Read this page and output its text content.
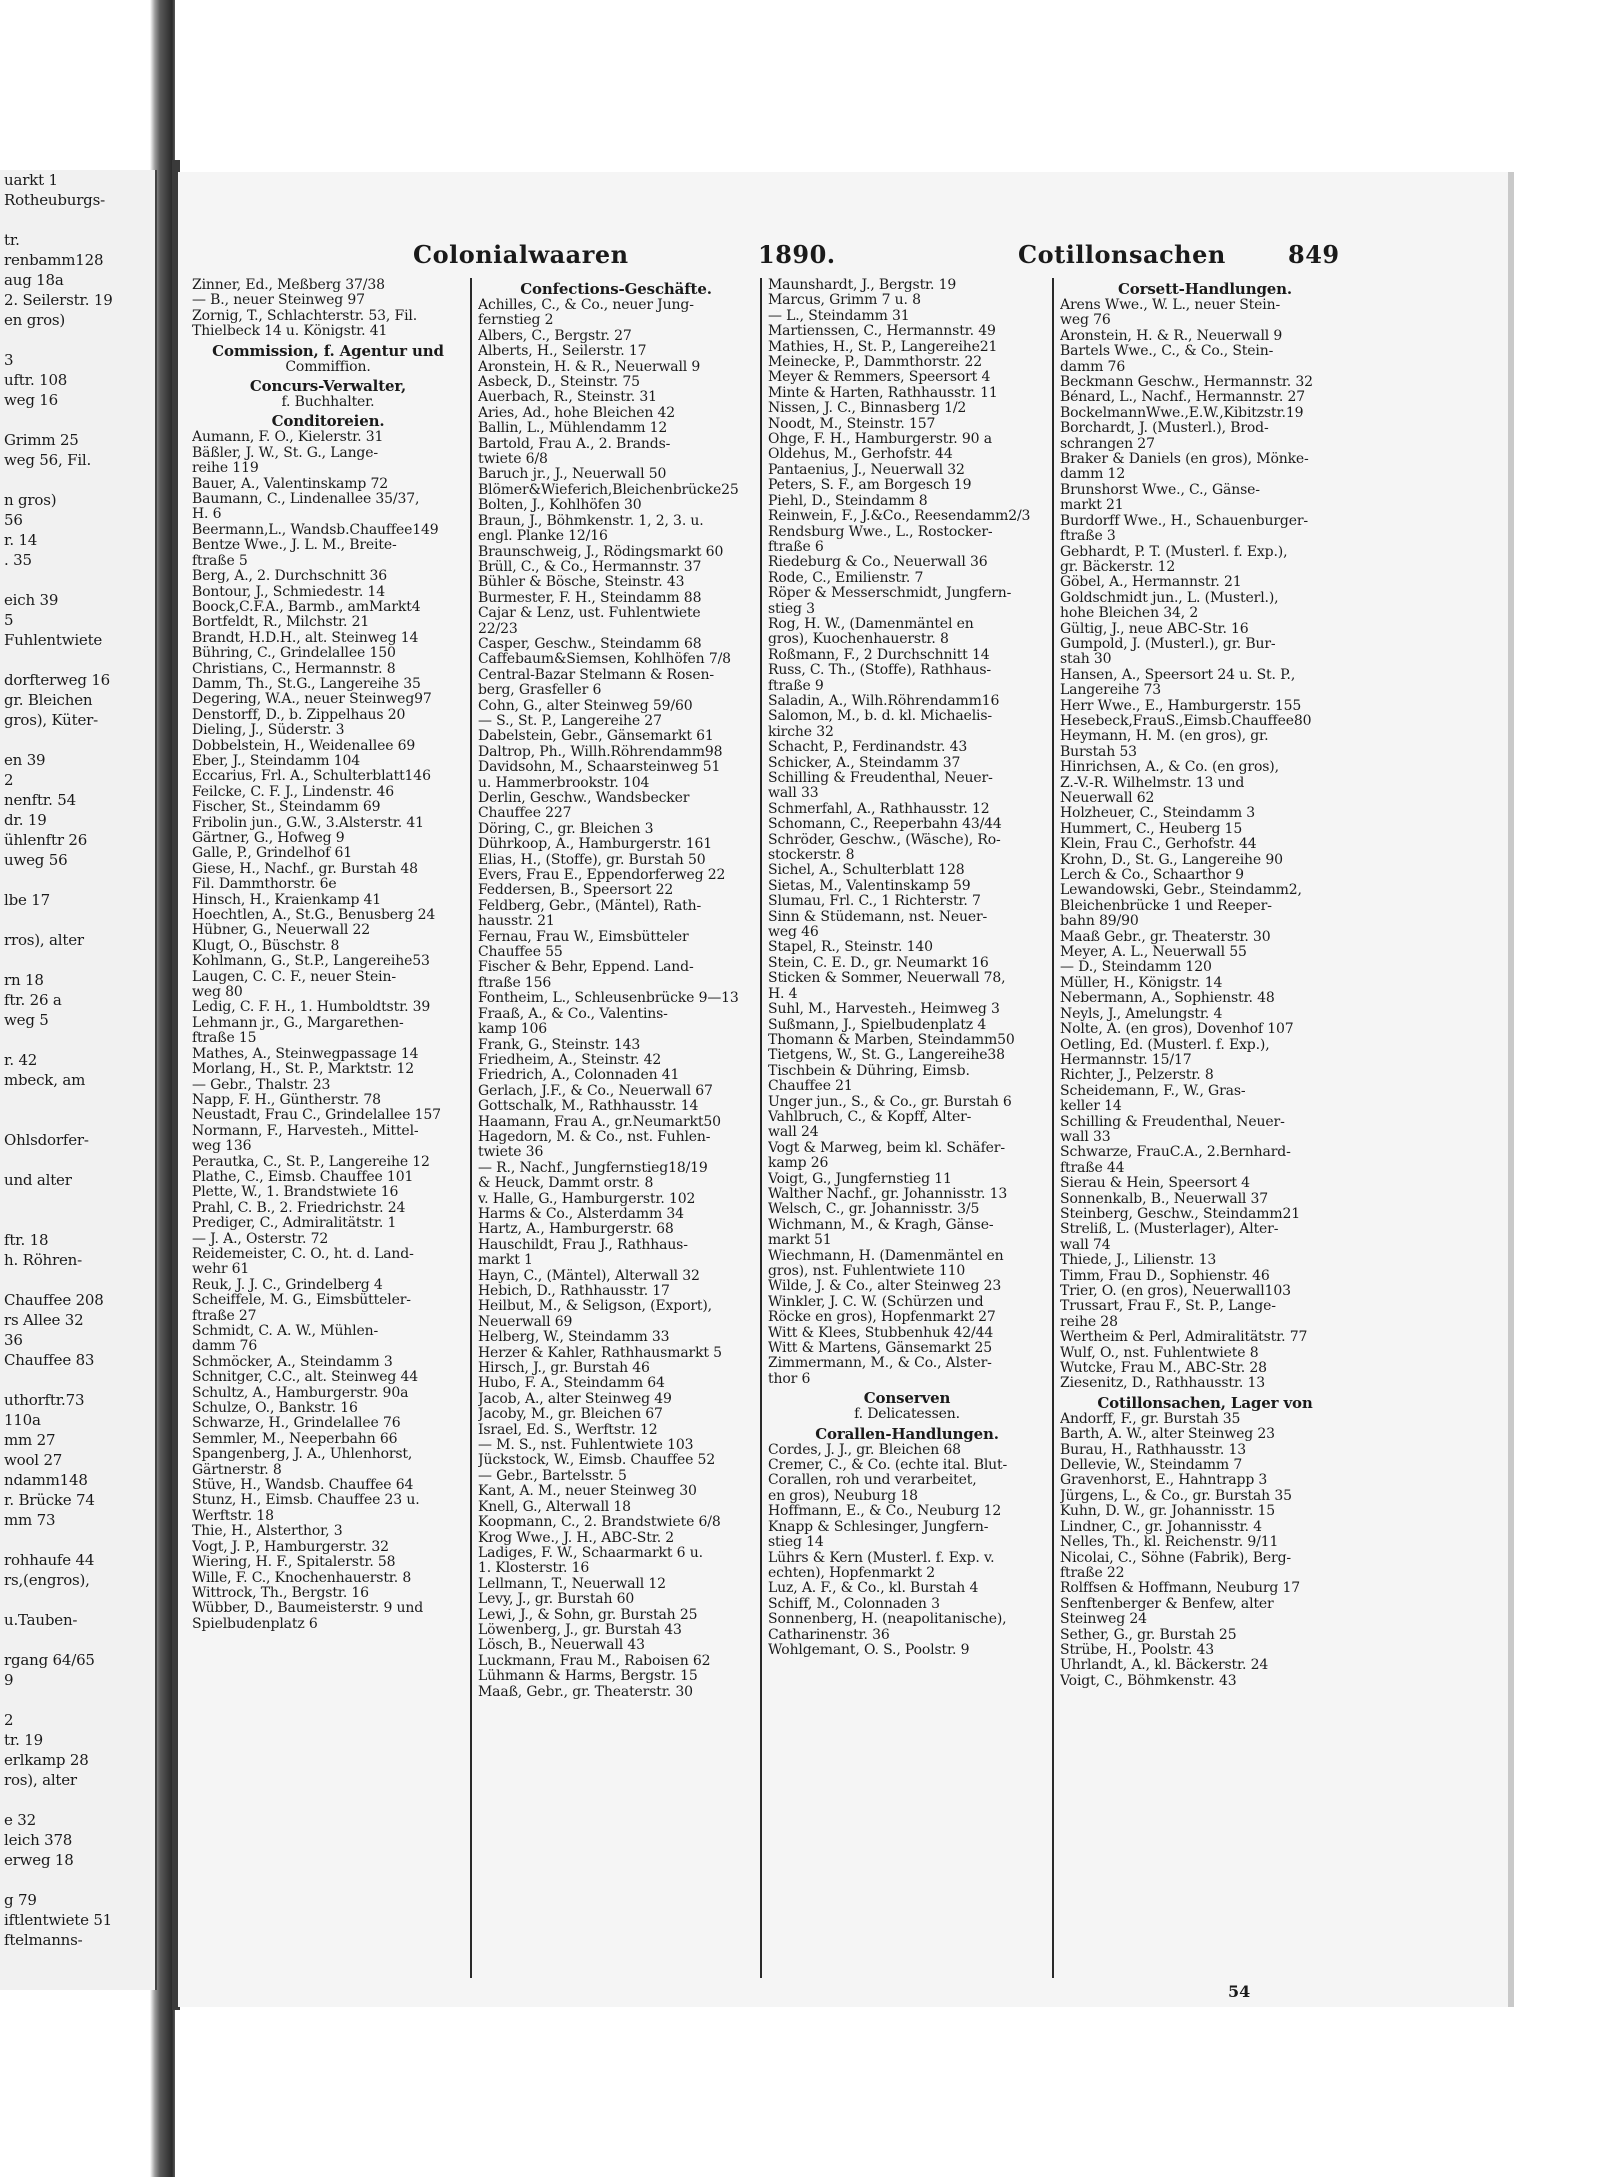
uarkt 1
Rotheuburgs-

tr.
renbamm128
aug 18a
2. Seilerstr. 19
en gros)

3
uftr. 108
weg 16

Grimm 25
weg 56, Fil.

n gros)
56
r. 14
. 35

eich 39
5
Fuhlentwiete

dorfterweg 16
gr. Bleichen
gros), Küter-

en 39
2
nenftr. 54
dr. 19
ühlenftr 26
uweg 56

lbe 17

rros), alter

rn 18
ftr. 26 a
weg 5

r. 42
mbeck, am

Ohlsdorfer-

und alter

ftr. 18
h. Röhren-

Chauffee 208
rs Allee 32
36
Chauffee 83

uthorftr.73
110a
mm 27
wool 27
ndamm148
r. Brücke 74
mm 73

rohhaufe 44
rs,(engros),

u.Tauben-

rgang 64/65
9

2
tr. 19
erlkamp 28
ros), alter

e 32
leich 378
erweg 18

g 79
iftlentwiete 51
ftelmanns-
Colonialwaaren	1890.	Cotillonsachen	849
Zinner, Ed., Meßberg 37/38
— B., neuer Steinweg 97
Zornig, T., Schlachterstr. 53, Fil.
Thielbeck 14 u. Königstr. 41
Commission, f. Agentur und
Commiffion.
Concurs-Verwalter,
f. Buchhalter.
Conditoreien.
Aumann, F. O., Kielerstr. 31
Bäßler, J. W., St. G., Lange-
reihe 119
Bauer, A., Valentinskamp 72
Baumann, C., Lindenallee 35/37,
H. 6
Beermann,L., Wandsb.Chauffee149
Bentze Wwe., J. L. M., Breite-
ftraße 5
Berg, A., 2. Durchschnitt 36
Bontour, J., Schmiedestr. 14
Boock,C.F.A., Barmb., amMarkt4
Bortfeldt, R., Milchstr. 21
Brandt, H.D.H., alt. Steinweg 14
Bühring, C., Grindelallee 150
Christians, C., Hermannstr. 8
Damm, Th., St.G., Langereihe 35
Degering, W.A., neuer Steinweg97
Denstorff, D., b. Zippelhaus 20
Dieling, J., Süderstr. 3
Dobbelstein, H., Weidenallee 69
Eber, J., Steindamm 104
Eccarius, Frl. A., Schulterblatt146
Feilcke, C. F. J., Lindenstr. 46
Fischer, St., Steindamm 69
Fribolin jun., G.W., 3.Alsterstr. 41
Gärtner, G., Hofweg 9
Galle, P., Grindelhof 61
Giese, H., Nachf., gr. Burstah 48
Fil. Dammthorstr. 6e
Hinsch, H., Kraienkamp 41
Hoechtlen, A., St.G., Benusberg 24
Hübner, G., Neuerwall 22
Klugt, O., Büschstr. 8
Kohlmann, G., St.P., Langereihe53
Laugen, C. C. F., neuer Stein-
weg 80
Ledig, C. F. H., 1. Humboldtstr. 39
Lehmann jr., G., Margarethen-
ftraße 15
Mathes, A., Steinwegpassage 14
Morlang, H., St. P., Marktstr. 12
— Gebr., Thalstr. 23
Napp, F. H., Güntherstr. 78
Neustadt, Frau C., Grindelallee 157
Normann, F., Harvesteh., Mittel-
weg 136
Perautka, C., St. P., Langereihe 12
Plathe, C., Eimsb. Chauffee 101
Plette, W., 1. Brandstwiete 16
Prahl, C. B., 2. Friedrichstr. 24
Prediger, C., Admiralitätstr. 1
— J. A., Osterstr. 72
Reidemeister, C. O., ht. d. Land-
wehr 61
Reuk, J. J. C., Grindelberg 4
Scheiffele, M. G., Eimsbütteler-
ftraße 27
Schmidt, C. A. W., Mühlen-
damm 76
Schmöcker, A., Steindamm 3
Schnitger, C.C., alt. Steinweg 44
Schultz, A., Hamburgerstr. 90a
Schulze, O., Bankstr. 16
Schwarze, H., Grindelallee 76
Semmler, M., Neeperbahn 66
Spangenberg, J. A., Uhlenhorst,
Gärtnerstr. 8
Stüve, H., Wandsb. Chauffee 64
Stunz, H., Eimsb. Chauffee 23 u.
Werftstr. 18
Thie, H., Alsterthor, 3
Vogt, J. P., Hamburgerstr. 32
Wiering, H. F., Spitalerstr. 58
Wille, F. C., Knochenhauerstr. 8
Wittrock, Th., Bergstr. 16
Wübber, D., Baumeisterstr. 9 und
Spielbudenplatz 6
Confections-Geschäfte.
Achilles, C., & Co., neuer Jung-
fernstieg 2
Albers, C., Bergstr. 27
Alberts, H., Seilerstr. 17
Aronstein, H. & R., Neuerwall 9
Asbeck, D., Steinstr. 75
Auerbach, R., Steinstr. 31
Aries, Ad., hohe Bleichen 42
Ballin, L., Mühlendamm 12
Bartold, Frau A., 2. Brands-
twiete 6/8
Baruch jr., J., Neuerwall 50
Blömer&Wieferich,Bleichenbrücke25
Bolten, J., Kohlhöfen 30
Braun, J., Böhmkenstr. 1, 2, 3. u.
engl. Planke 12/16
Braunschweig, J., Rödingsmarkt 60
Brüll, C., & Co., Hermannstr. 37
Bühler & Bösche, Steinstr. 43
Burmester, F. H., Steindamm 88
Cajar & Lenz, ust. Fuhlentwiete
22/23
Casper, Geschw., Steindamm 68
Caffebaum&Siemsen, Kohlhöfen 7/8
Central-Bazar Stelmann & Rosen-
berg, Grasfeller 6
Cohn, G., alter Steinweg 59/60
— S., St. P., Langereihe 27
Dabelstein, Gebr., Gänsemarkt 61
Daltrop, Ph., Willh.Röhrendamm98
Davidsohn, M., Schaarsteinweg 51
u. Hammerbrookstr. 104
Derlin, Geschw., Wandsbecker
Chauffee 227
Döring, C., gr. Bleichen 3
Dührkoop, A., Hamburgerstr. 161
Elias, H., (Stoffe), gr. Burstah 50
Evers, Frau E., Eppendorferweg 22
Feddersen, B., Speersort 22
Feldberg, Gebr., (Mäntel), Rath-
hausstr. 21
Fernau, Frau W., Eimsbütteler
Chauffee 55
Fischer & Behr, Eppend. Land-
ftraße 156
Fontheim, L., Schleusenbrücke 9—13
Fraaß, A., & Co., Valentins-
kamp 106
Frank, G., Steinstr. 143
Friedheim, A., Steinstr. 42
Friedrich, A., Colonnaden 41
Gerlach, J.F., & Co., Neuerwall 67
Gottschalk, M., Rathhausstr. 14
Haamann, Frau A., gr.Neumarkt50
Hagedorn, M. & Co., nst. Fuhlen-
twiete 36
— R., Nachf., Jungfernstieg18/19
& Heuck, Dammt orstr. 8
v. Halle, G., Hamburgerstr. 102
Harms & Co., Alsterdamm 34
Hartz, A., Hamburgerstr. 68
Hauschildt, Frau J., Rathhaus-
markt 1
Hayn, C., (Mäntel), Alterwall 32
Hebich, D., Rathhausstr. 17
Heilbut, M., & Seligson, (Export),
Neuerwall 69
Helberg, W., Steindamm 33
Herzer & Kahler, Rathhausmarkt 5
Hirsch, J., gr. Burstah 46
Hubo, F. A., Steindamm 64
Jacob, A., alter Steinweg 49
Jacoby, M., gr. Bleichen 67
Israel, Ed. S., Werftstr. 12
— M. S., nst. Fuhlentwiete 103
Jückstock, W., Eimsb. Chauffee 52
— Gebr., Bartelsstr. 5
Kant, A. M., neuer Steinweg 30
Knell, G., Alterwall 18
Koopmann, C., 2. Brandstwiete 6/8
Krog Wwe., J. H., ABC-Str. 2
Ladiges, F. W., Schaarmarkt 6 u.
1. Klosterstr. 16
Lellmann, T., Neuerwall 12
Levy, J., gr. Burstah 60
Lewi, J., & Sohn, gr. Burstah 25
Löwenberg, J., gr. Burstah 43
Lösch, B., Neuerwall 43
Luckmann, Frau M., Raboisen 62
Lühmann & Harms, Bergstr. 15
Maaß, Gebr., gr. Theaterstr. 30
Maunshardt, J., Bergstr. 19
Marcus, Grimm 7 u. 8
— L., Steindamm 31
Martienssen, C., Hermannstr. 49
Mathies, H., St. P., Langereihe21
Meinecke, P., Dammthorstr. 22
Meyer & Remmers, Speersort 4
Minte & Harten, Rathhausstr. 11
Nissen, J. C., Binnasberg 1/2
Noodt, M., Steinstr. 157
Ohge, F. H., Hamburgerstr. 90 a
Oldehus, M., Gerhofstr. 44
Pantaenius, J., Neuerwall 32
Peters, S. F., am Borgesch 19
Piehl, D., Steindamm 8
Reinwein, F., J.&Co., Reesendamm2/3
Rendsburg Wwe., L., Rostocker-
ftraße 6
Riedeburg & Co., Neuerwall 36
Rode, C., Emilienstr. 7
Röper & Messerschmidt, Jungfern-
stieg 3
Rog, H. W., (Damenmäntel en
gros), Kuochenhauerstr. 8
Roßmann, F., 2 Durchschnitt 14
Russ, C. Th., (Stoffe), Rathhaus-
ftraße 9
Saladin, A., Wilh.Röhrendamm16
Salomon, M., b. d. kl. Michaelis-
kirche 32
Schacht, P., Ferdinandstr. 43
Schicker, A., Steindamm 37
Schilling & Freudenthal, Neuer-
wall 33
Schmerfahl, A., Rathhausstr. 12
Schomann, C., Reeperbahn 43/44
Schröder, Geschw., (Wäsche), Ro-
stockerstr. 8
Sichel, A., Schulterblatt 128
Sietas, M., Valentinskamp 59
Slumau, Frl. C., 1 Richterstr. 7
Sinn & Stüdemann, nst. Neuer-
weg 46
Stapel, R., Steinstr. 140
Stein, C. E. D., gr. Neumarkt 16
Sticken & Sommer, Neuerwall 78,
H. 4
Suhl, M., Harvesteh., Heimweg 3
Sußmann, J., Spielbudenplatz 4
Thomann & Marben, Steindamm50
Tietgens, W., St. G., Langereihe38
Tischbein & Dühring, Eimsb.
Chauffee 21
Unger jun., S., & Co., gr. Burstah 6
Vahlbruch, C., & Kopff, Alter-
wall 24
Vogt & Marweg, beim kl. Schäfer-
kamp 26
Voigt, G., Jungfernstieg 11
Walther Nachf., gr. Johannisstr. 13
Welsch, C., gr. Johannisstr. 3/5
Wichmann, M., & Kragh, Gänse-
markt 51
Wiechmann, H. (Damenmäntel en
gros), nst. Fuhlentwiete 110
Wilde, J. & Co., alter Steinweg 23
Winkler, J. C. W. (Schürzen und
Röcke en gros), Hopfenmarkt 27
Witt & Klees, Stubbenhuk 42/44
Witt & Martens, Gänsemarkt 25
Zimmermann, M., & Co., Alster-
thor 6
Conserven
f. Delicatessen.
Corallen-Handlungen.
Cordes, J. J., gr. Bleichen 68
Cremer, C., & Co. (echte ital. Blut-
Corallen, roh und verarbeitet,
en gros), Neuburg 18
Hoffmann, E., & Co., Neuburg 12
Knapp & Schlesinger, Jungfern-
stieg 14
Lührs & Kern (Musterl. f. Exp. v.
echten), Hopfenmarkt 2
Luz, A. F., & Co., kl. Burstah 4
Schiff, M., Colonnaden 3
Sonnenberg, H. (neapolitanische),
Catharinenstr. 36
Wohlgemant, O. S., Poolstr. 9
Corsett-Handlungen.
Arens Wwe., W. L., neuer Stein-
weg 76
Aronstein, H. & R., Neuerwall 9
Bartels Wwe., C., & Co., Stein-
damm 76
Beckmann Geschw., Hermannstr. 32
Bénard, L., Nachf., Hermannstr. 27
BockelmannWwe.,E.W.,Kibitzstr.19
Borchardt, J. (Musterl.), Brod-
schrangen 27
Braker & Daniels (en gros), Mönke-
damm 12
Brunshorst Wwe., C., Gänse-
markt 21
Burdorff Wwe., H., Schauenburger-
ftraße 3
Gebhardt, P. T. (Musterl. f. Exp.),
gr. Bäckerstr. 12
Göbel, A., Hermannstr. 21
Goldschmidt jun., L. (Musterl.),
hohe Bleichen 34, 2
Gültig, J., neue ABC-Str. 16
Gumpold, J. (Musterl.), gr. Bur-
stah 30
Hansen, A., Speersort 24 u. St. P.,
Langereihe 73
Herr Wwe., E., Hamburgerstr. 155
Hesebeck,FrauS.,Eimsb.Chauffee80
Heymann, H. M. (en gros), gr.
Burstah 53
Hinrichsen, A., & Co. (en gros),
Z.-V.-R. Wilhelmstr. 13 und
Neuerwall 62
Holzheuer, C., Steindamm 3
Hummert, C., Heuberg 15
Klein, Frau C., Gerhofstr. 44
Krohn, D., St. G., Langereihe 90
Lerch & Co., Schaarthor 9
Lewandowski, Gebr., Steindamm2,
Bleichenbrücke 1 und Reeper-
bahn 89/90
Maaß Gebr., gr. Theaterstr. 30
Meyer, A. L., Neuerwall 55
— D., Steindamm 120
Müller, H., Königstr. 14
Nebermann, A., Sophienstr. 48
Neyls, J., Amelungstr. 4
Nolte, A. (en gros), Dovenhof 107
Oetling, Ed. (Musterl. f. Exp.),
Hermannstr. 15/17
Richter, J., Pelzerstr. 8
Scheidemann, F., W., Gras-
keller 14
Schilling & Freudenthal, Neuer-
wall 33
Schwarze, FrauC.A., 2.Bernhard-
ftraße 44
Sierau & Hein, Speersort 4
Sonnenkalb, B., Neuerwall 37
Steinberg, Geschw., Steindamm21
Streliß, L. (Musterlager), Alter-
wall 74
Thiede, J., Lilienstr. 13
Timm, Frau D., Sophienstr. 46
Trier, O. (en gros), Neuerwall103
Trussart, Frau F., St. P., Lange-
reihe 28
Wertheim & Perl, Admiralitätstr. 77
Wulf, O., nst. Fuhlentwiete 8
Wutcke, Frau M., ABC-Str. 28
Ziesenitz, D., Rathhausstr. 13
Cotillonsachen, Lager von
Andorff, F., gr. Burstah 35
Barth, A. W., alter Steinweg 23
Burau, H., Rathhausstr. 13
Dellevie, W., Steindamm 7
Gravenhorst, E., Hahntrapp 3
Jürgens, L., & Co., gr. Burstah 35
Kuhn, D. W., gr. Johannisstr. 15
Lindner, C., gr. Johannisstr. 4
Nelles, Th., kl. Reichenstr. 9/11
Nicolai, C., Söhne (Fabrik), Berg-
ftraße 22
Rolffsen & Hoffmann, Neuburg 17
Senftenberger & Benfew, alter
Steinweg 24
Sether, G., gr. Burstah 25
Strübe, H., Poolstr. 43
Uhrlandt, A., kl. Bäckerstr. 24
Voigt, C., Böhmkenstr. 43
54
